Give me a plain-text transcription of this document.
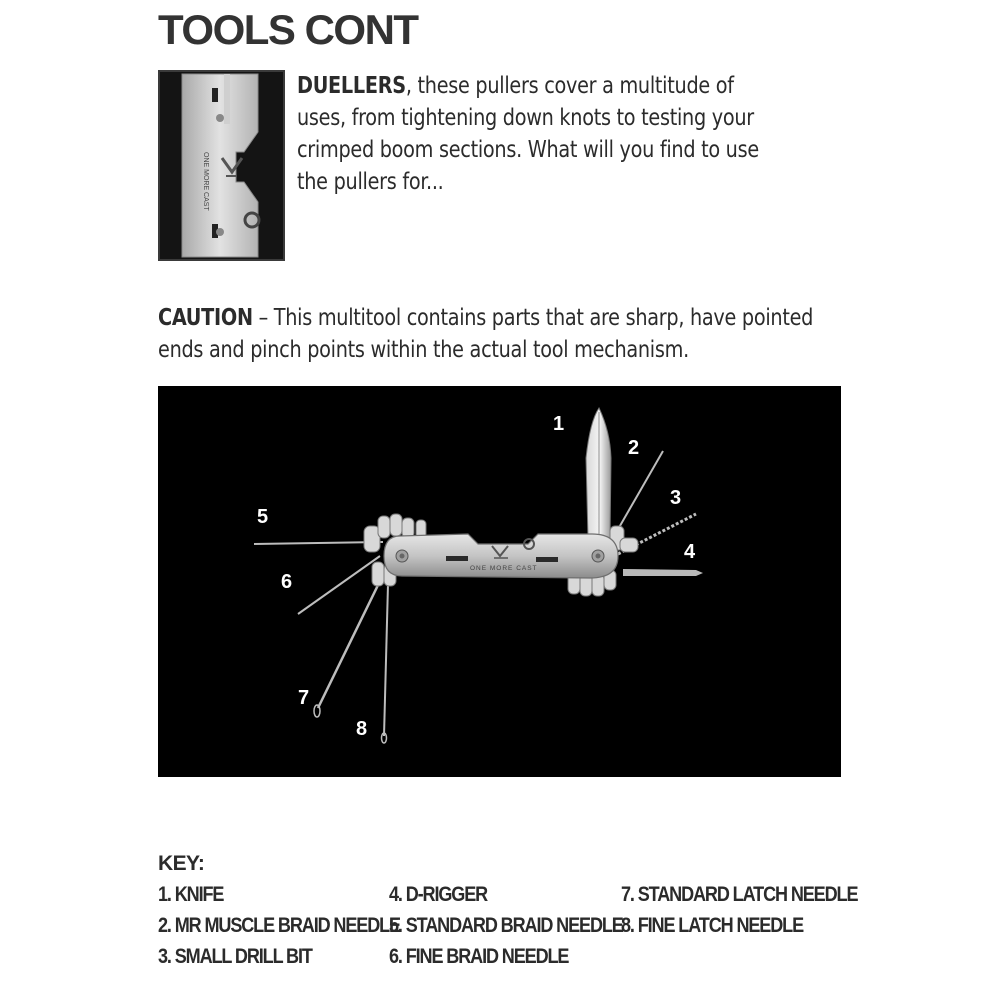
TOOLS CONT
ONE MORE CAST

DUELLERS, these pullers cover a multitude of uses, from tightening down knots to testing your crimped boom sections. What will you find to use the pullers for...

CAUTION – This multitool contains parts that are sharp, have pointed ends and pinch points within the actual tool mechanism.

ONE MORE CAST
1
2
3
4
5
6
7
8
KEY:
1. KNIFE
2. MR MUSCLE BRAID NEEDLE
3. SMALL DRILL BIT
4. D-RIGGER
5. STANDARD BRAID NEEDLE
6. FINE BRAID NEEDLE
7. STANDARD LATCH NEEDLE
8. FINE LATCH NEEDLE
